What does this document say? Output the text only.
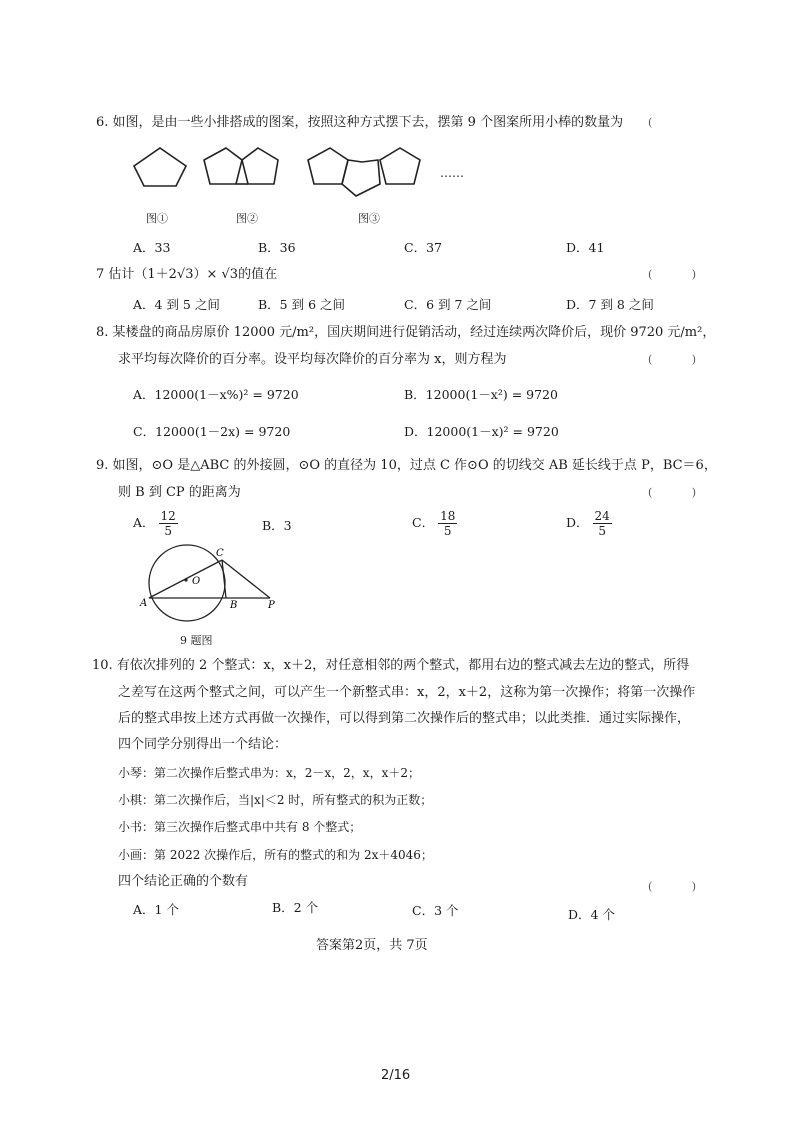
6. 如图，是由一些小排搭成的图案，按照这种方式摆下去，摆第 9 个图案所用小棒的数量为 (
……
图①	图②	图③
A．33	B．36	C．37	D．41
7 估计（1＋2√3）× √3的值在	( )
A．4 到 5 之间	B．5 到 6 之间	C．6 到 7 之间	D．7 到 8 之间
8. 某楼盘的商品房原价 12000 元/m²，国庆期间进行促销活动，经过连续两次降价后，现价 9720 元/m²，
求平均每次降价的百分率。设平均每次降价的百分率为 x，则方程为	( )
A．12000(1－x%)² = 9720	B．12000(1－x²) = 9720
C．12000(1－2x) = 9720	D．12000(1－x)² = 9720
9. 如图，⊙O 是△ABC 的外接圆，⊙O 的直径为 10，过点 C 作⊙O 的切线交 AB 延长线于点 P，BC＝6，
则 B 到 CP 的距离为	( )
A． $\frac{12}{5}$	B．3	C． $\frac{18}{5}$	D． $\frac{24}{5}$
C
O
A	B	P
9 题图
10. 有依次排列的 2 个整式：x，x＋2，对任意相邻的两个整式，都用右边的整式减去左边的整式，所得
之差写在这两个整式之间，可以产生一个新整式串：x，2，x＋2，这称为第一次操作；将第一次操作
后的整式串按上述方式再做一次操作，可以得到第二次操作后的整式串；以此类推．通过实际操作，
四个同学分别得出一个结论：
小琴：第二次操作后整式串为：x，2－x，2，x，x＋2；
小棋：第二次操作后，当|x|＜2 时，所有整式的积为正数；
小书：第三次操作后整式串中共有 8 个整式；
小画：第 2022 次操作后，所有的整式的和为 2x＋4046；
四个结论正确的个数有	( )
A．1 个	B．2 个	C．3 个	D．4 个
答案第2页，共 7页
2/16
